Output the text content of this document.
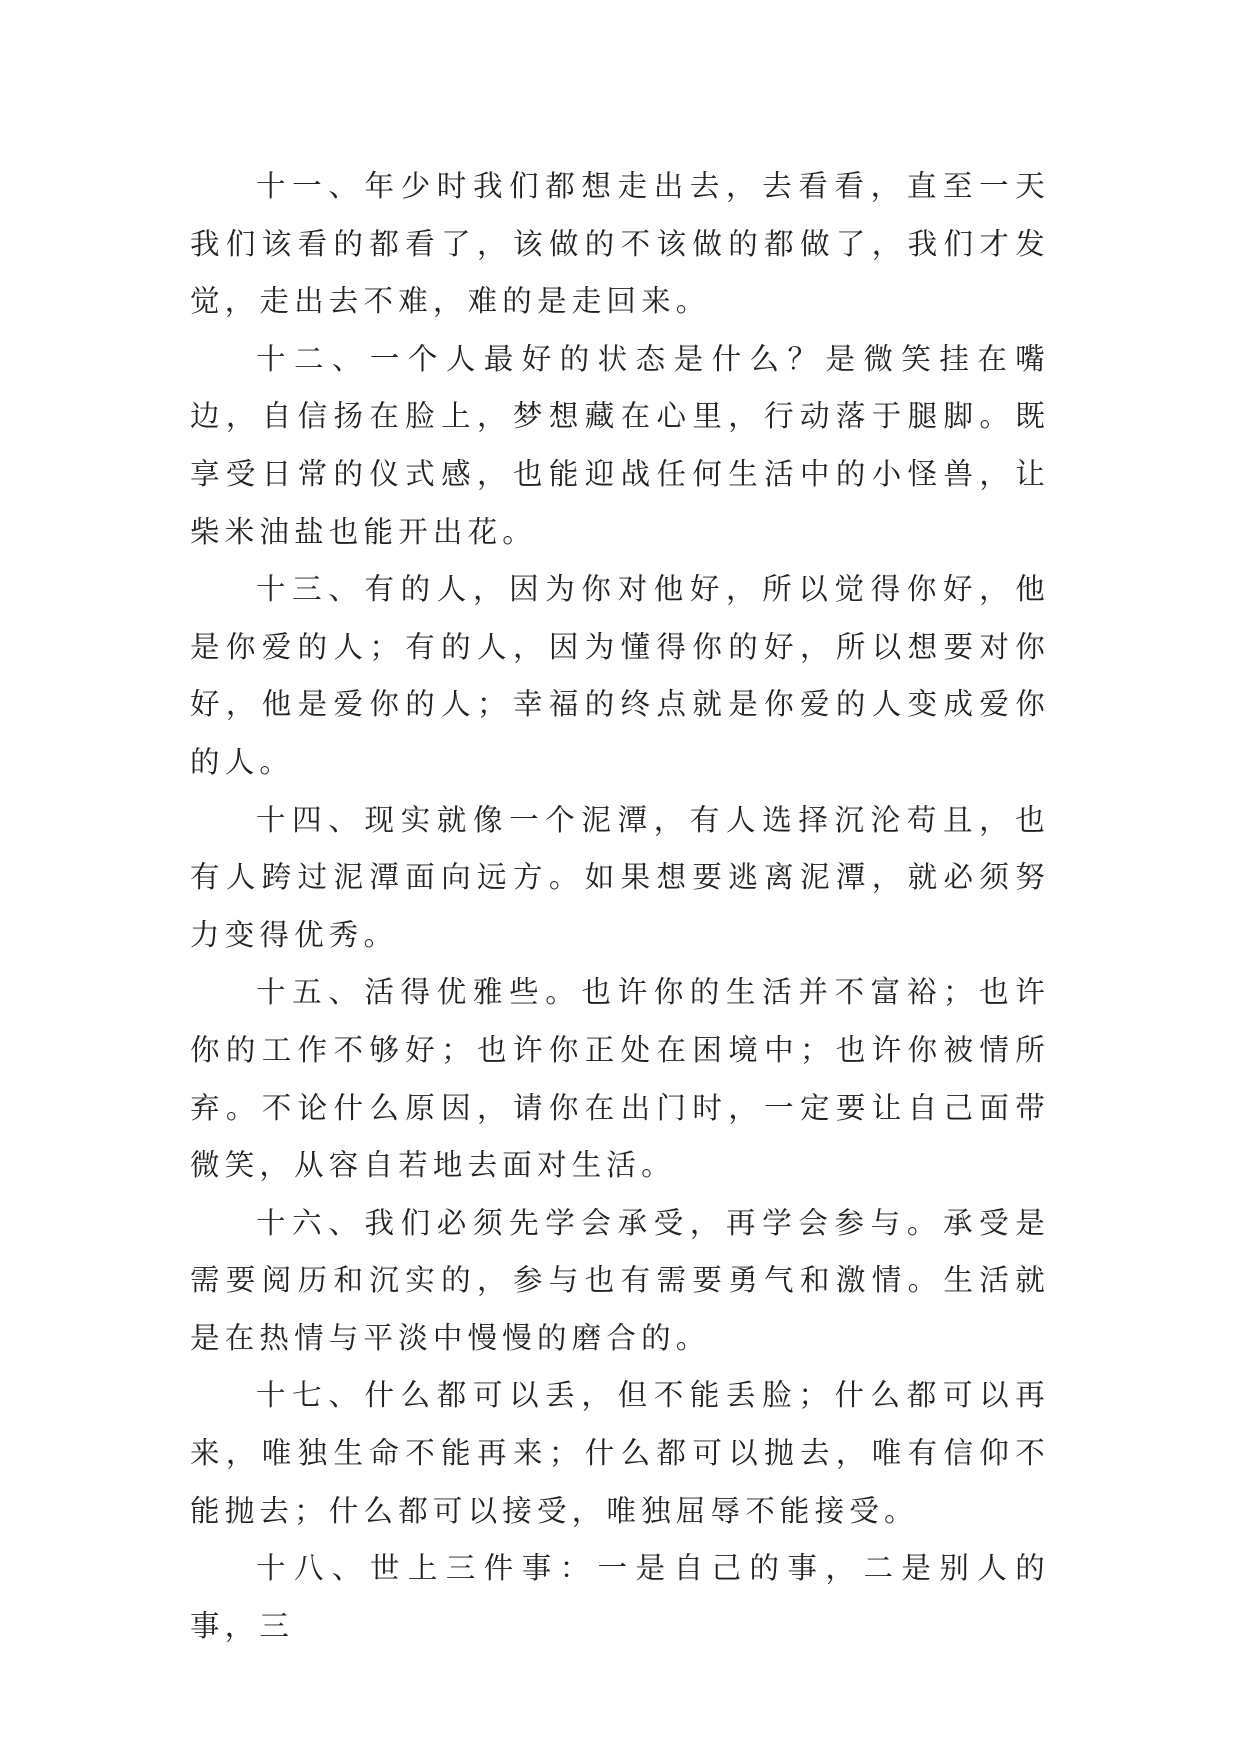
十一、年少时我们都想走出去，去看看，直至一天我们该看的都看了，该做的不该做的都做了，我们才发觉，走出去不难，难的是走回来。

十二、一个人最好的状态是什么？是微笑挂在嘴边，自信扬在脸上，梦想藏在心里，行动落于腿脚。既享受日常的仪式感，也能迎战任何生活中的小怪兽，让柴米油盐也能开出花。

十三、有的人，因为你对他好，所以觉得你好，他是你爱的人；有的人，因为懂得你的好，所以想要对你好，他是爱你的人；幸福的终点就是你爱的人变成爱你的人。

十四、现实就像一个泥潭，有人选择沉沦苟且，也有人跨过泥潭面向远方。如果想要逃离泥潭，就必须努力变得优秀。

十五、活得优雅些。也许你的生活并不富裕；也许你的工作不够好；也许你正处在困境中；也许你被情所弃。不论什么原因，请你在出门时，一定要让自己面带微笑，从容自若地去面对生活。

十六、我们必须先学会承受，再学会参与。承受是需要阅历和沉实的，参与也有需要勇气和激情。生活就是在热情与平淡中慢慢的磨合的。

十七、什么都可以丢，但不能丢脸；什么都可以再来，唯独生命不能再来；什么都可以抛去，唯有信仰不能抛去；什么都可以接受，唯独屈辱不能接受。

十八、世上三件事：一是自己的事，二是别人的事，三
